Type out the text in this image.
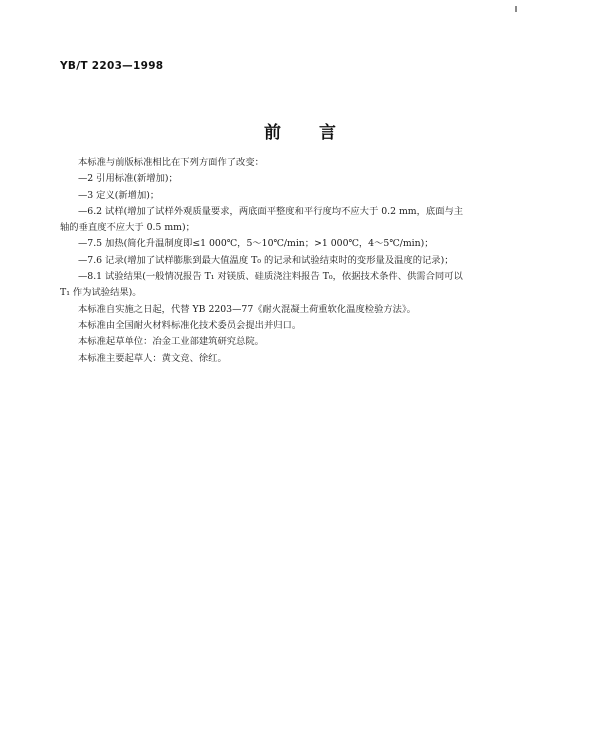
YB/T 2203—1998
前言
本标准与前版标准相比在下列方面作了改变：
—2 引用标准(新增加)；
—3 定义(新增加)；
—6.2 试样(增加了试样外观质量要求，两底面平整度和平行度均不应大于 0.2 mm，底面与主
轴的垂直度不应大于 0.5 mm)；
—7.5 加热(简化升温制度即≤1 000℃，5～10℃/min；>1 000℃，4～5℃/min)；
—7.6 记录(增加了试样膨胀到最大值温度 T₀ 的记录和试验结束时的变形量及温度的记录)；
—8.1 试验结果(一般情况报告 T₁ 对镁质、硅质浇注料报告 T₀，依据技术条件、供需合同可以
T₁ 作为试验结果)。
本标准自实施之日起，代替 YB 2203—77《耐火混凝土荷重软化温度检验方法》。
本标准由全国耐火材料标准化技术委员会提出并归口。
本标准起草单位：冶金工业部建筑研究总院。
本标准主要起草人：黄文竞、徐红。
